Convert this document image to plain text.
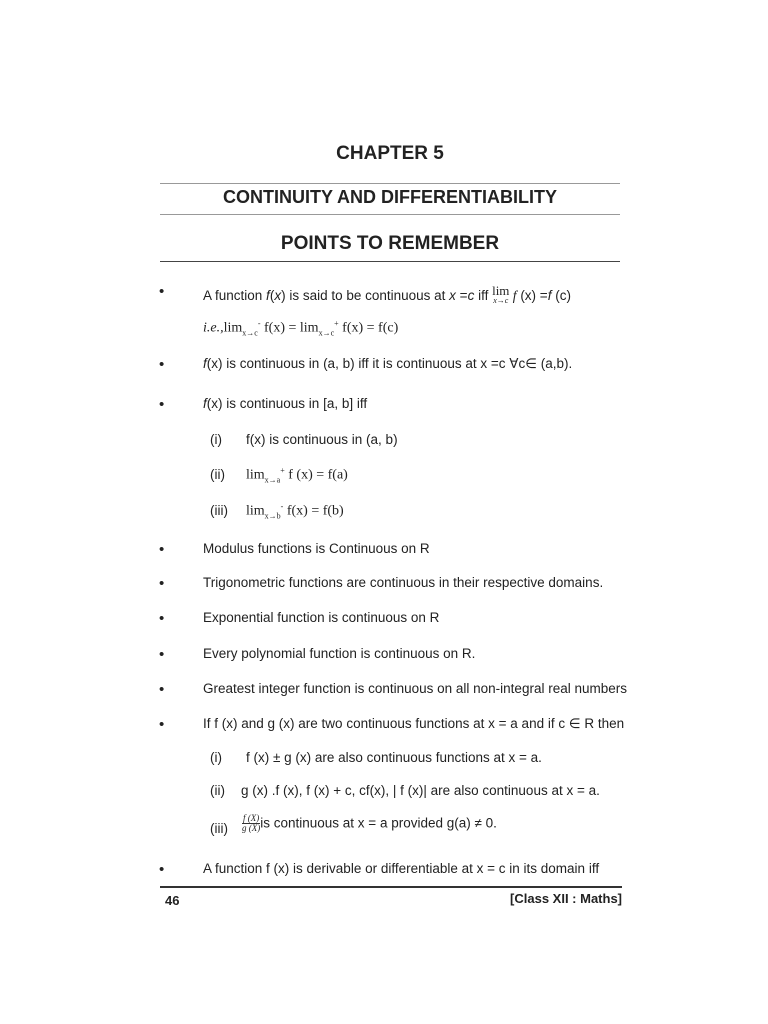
CHAPTER 5
CONTINUITY AND DIFFERENTIABILITY
POINTS TO REMEMBER
•	A function f(x) is said to be continuous at x =c iff lim
x→c f (x) =f (c)
$i.e.,\lim_{x\to c}^-$ $f(x) = \lim_{x\to c}^+ f(x) = f(c)$
•	f(x) is continuous in (a, b) iff it is continuous at x =c ∀c∈ (a,b).
•	f(x) is continuous in [a, b] iff
(i) f(x) is continuous in (a, b)
(ii) $\lim_{x\to a}^+ f$ (x) = f(a)
(iii) $\lim_{x\to b}^- f(x) = f(b)$
•	Modulus functions is Continuous on R
•	Trigonometric functions are continuous in their respective domains.
•	Exponential function is continuous on R
•	Every polynomial function is continuous on R.
•	Greatest integer function is continuous on all non-integral real numbers
•	If f (x) and g (x) are two continuous functions at x = a and if c ∈ R then
(i) f (x) ± g (x) are also continuous functions at x = a.
(ii) g (x) .f (x), f (x) + c, cf(x), | f (x)| are also continuous at x = a.
$(iii) \frac{f (X)}{g (X)}$ is continuous at x = a provided g(a) ≠ 0.
•	A function f (x) is derivable or differentiable at x = c in its domain iff
46	[Class XII : Maths]
